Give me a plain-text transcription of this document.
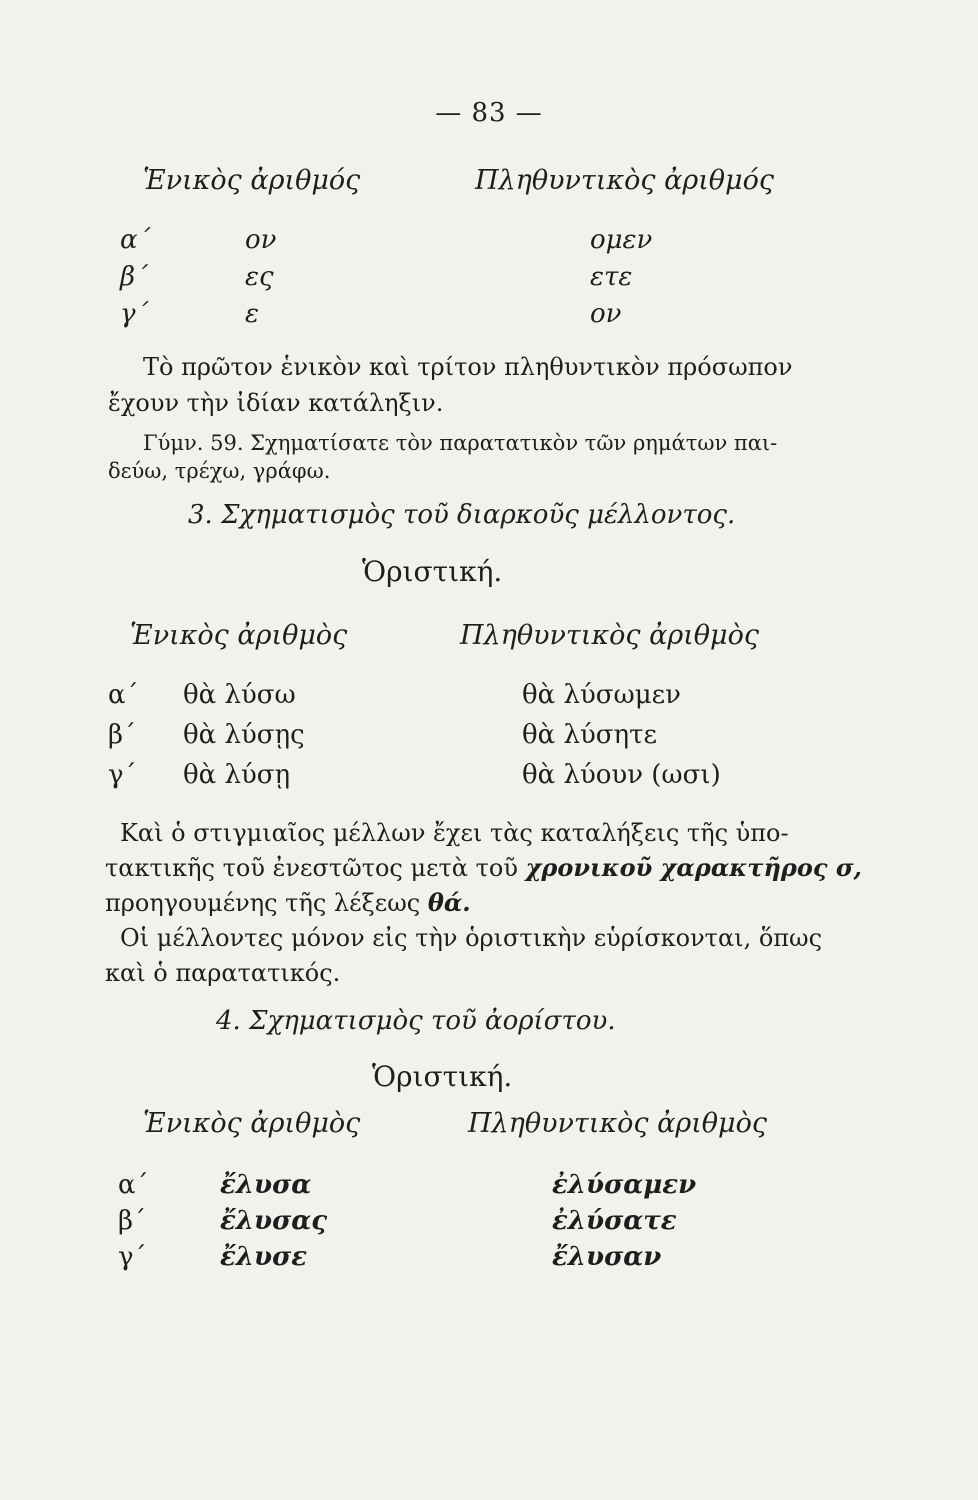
— 83 —
Ἑνικὸς ἀριθμός	Πληθυντικὸς ἀριθμός
α΄	ον	ομεν
β΄	ες	ετε
γ΄	ε	ον
Τὸ πρῶτον ἑνικὸν καὶ τρίτον πληθυντικὸν πρόσωπον
ἔχουν τὴν ἰδίαν κατάληξιν.
Γύμν. 59. Σχηματίσατε τὸν παρατατικὸν τῶν ρημάτων παι-
δεύω, τρέχω, γράφω.
3. Σχηματισμὸς τοῦ διαρκοῦς μέλλοντος.
Ὁριστική.
Ἑνικὸς ἀριθμὸς	Πληθυντικὸς ἀριθμὸς
α΄ θὰ λύσω	θὰ λύσωμεν
β΄ θὰ λύσῃς	θὰ λύσητε
γ΄ θὰ λύσῃ	θὰ λύουν (ωσι)
Καὶ ὁ στιγμιαῖος μέλλων ἔχει τὰς καταλήξεις τῆς ὑπο-
τακτικῆς τοῦ ἐνεστῶτος μετὰ τοῦ χρονικοῦ χαρακτῆρος σ,
προηγουμένης τῆς λέξεως θά.
Οἱ μέλλοντες μόνον εἰς τὴν ὁριστικὴν εὑρίσκονται, ὅπως
καὶ ὁ παρατατικός.
4. Σχηματισμὸς τοῦ ἀορίστου.
Ὁριστική.
Ἑνικὸς ἀριθμὸς	Πληθυντικὸς ἀριθμὸς
α΄	ἔλυσα	ἐλύσαμεν
β΄	ἔλυσας	ἐλύσατε
γ΄	ἔλυσε	ἔλυσαν
